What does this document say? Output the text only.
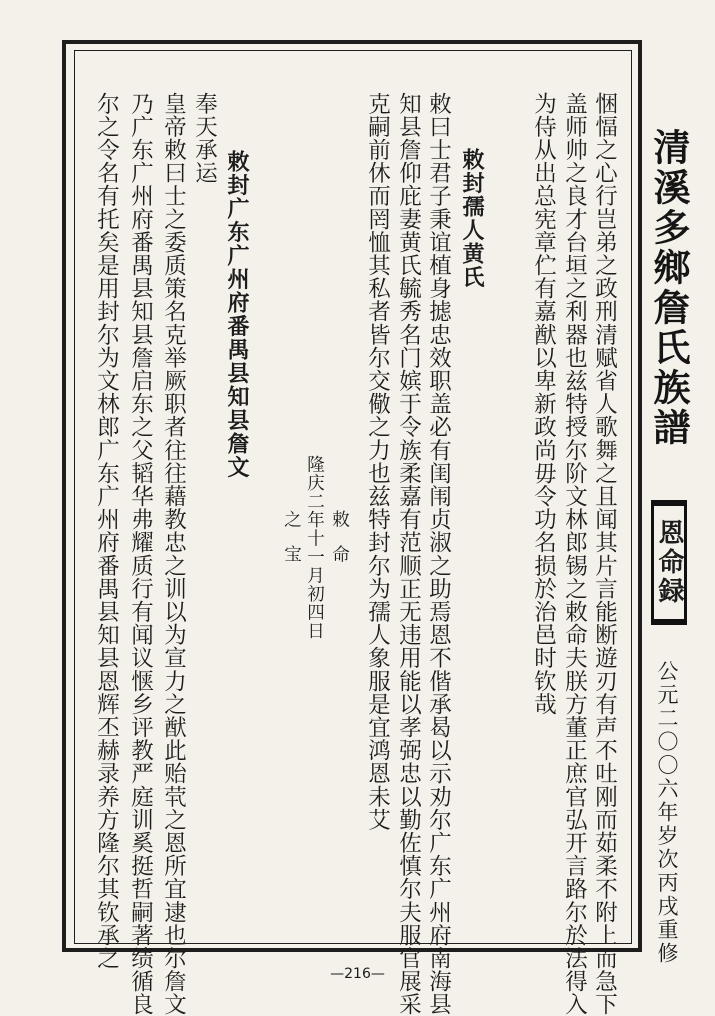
悃愊之心行岂弟之政刑清赋省人歌舞之且闻其片言能断遊刃有声不吐刚而茹柔不附上而急下
盖师帅之良才台垣之利器也兹特授尔阶文林郎锡之敕命夫朕方董正庶官弘开言路尔於法得入
为侍从出总宪章伫有嘉猷以卑新政尚毋令功名损於治邑时钦哉
敕封孺人黄氏
敕曰士君子秉谊植身摅忠效职盖必有闺闱贞淑之助焉恩不偕承曷以示劝尔广东广州府南海县
知县詹仰庇妻黄氏毓秀名门嫔于令族柔嘉有范顺正无违用能以孝弼忠以勤佐慎尔夫服官展采
克嗣前休而罔恤其私者皆尔交儆之力也兹特封尔为孺人象服是宜鸿恩未艾
敕　命
隆庆二年十一月初四日
之　宝
敕封广东广州府番禺县知县詹文
奉天承运
皇帝敕曰士之委质策名克举厥职者往往藉教忠之训以为宣力之猷此贻茕之恩所宜逮也尔詹文
乃广东广州府番禺县知县詹启东之父韬华弗耀质行有闻议惬乡评教严庭训奚挺哲嗣著绩循良
尔之令名有托矣是用封尔为文林郎广东广州府番禺县知县恩辉丕赫录养方隆尔其钦承之	清溪多鄉詹氏族譜
恩命録
公元二〇〇六年岁次丙戌重修
—216—
